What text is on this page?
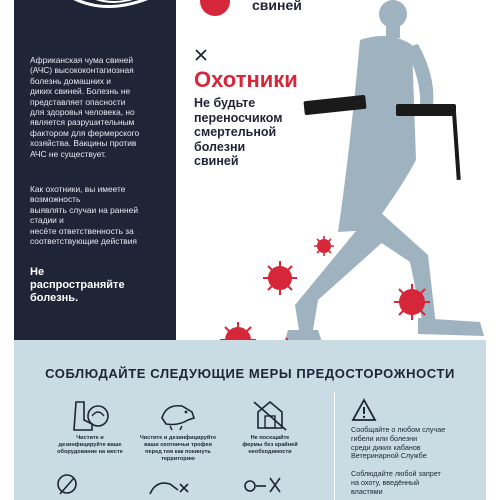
Африканская чума свиней
(АЧС) высококонтагиозная
болезнь домашних и
диких свиней. Болезнь не
представляет опасности
для здоровья человека, но
является разрушительным
фактором для фермерского
хозяйства. Вакцины против
АЧС не существует.
Как охотники, вы имеете
возможность
выявлять случаи на ранней
стадии и
несёте ответственность за
соответствующие действия
Не
распространяйте
болезнь.
свиней
Охотники
Не будьте
переносчиком
смертельной
болезни
свиней
СОБЛЮДАЙТЕ СЛЕДУЮЩИЕ МЕРЫ ПРЕДОСТОРОЖНОСТИ
Чистите и
дезинфицируйте ваше
оборудование на месте
Чистите и дезинфицируйте
ваши охотничьи трофеи
перед тем как покинуть
территорию
Не посещайте
фермы без крайней
необходимости
Сообщайте о любом случае
гибели или болезни
среди диких кабанов
Ветеринарной Службе
Соблюдайте любой запрет
на охоту, введённый
властями
